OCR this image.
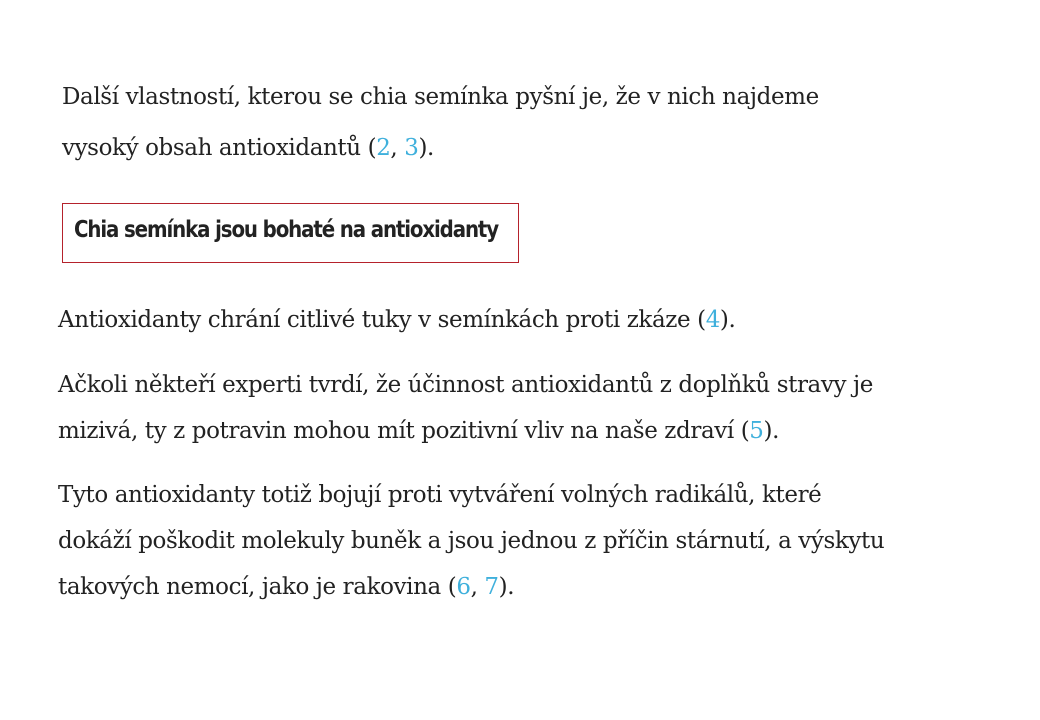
Další vlastností, kterou se chia semínka pyšní je, že v nich najdeme
vysoký obsah antioxidantů (2, 3).

Chia semínka jsou bohaté na antioxidanty

Antioxidanty chrání citlivé tuky v semínkách proti zkáze (4).

Ačkoli někteří experti tvrdí, že účinnost antioxidantů z doplňků stravy je
mizivá, ty z potravin mohou mít pozitivní vliv na naše zdraví (5).

Tyto antioxidanty totiž bojují proti vytváření volných radikálů, které
dokáží poškodit molekuly buněk a jsou jednou z příčin stárnutí, a výskytu
takových nemocí, jako je rakovina (6, 7).
